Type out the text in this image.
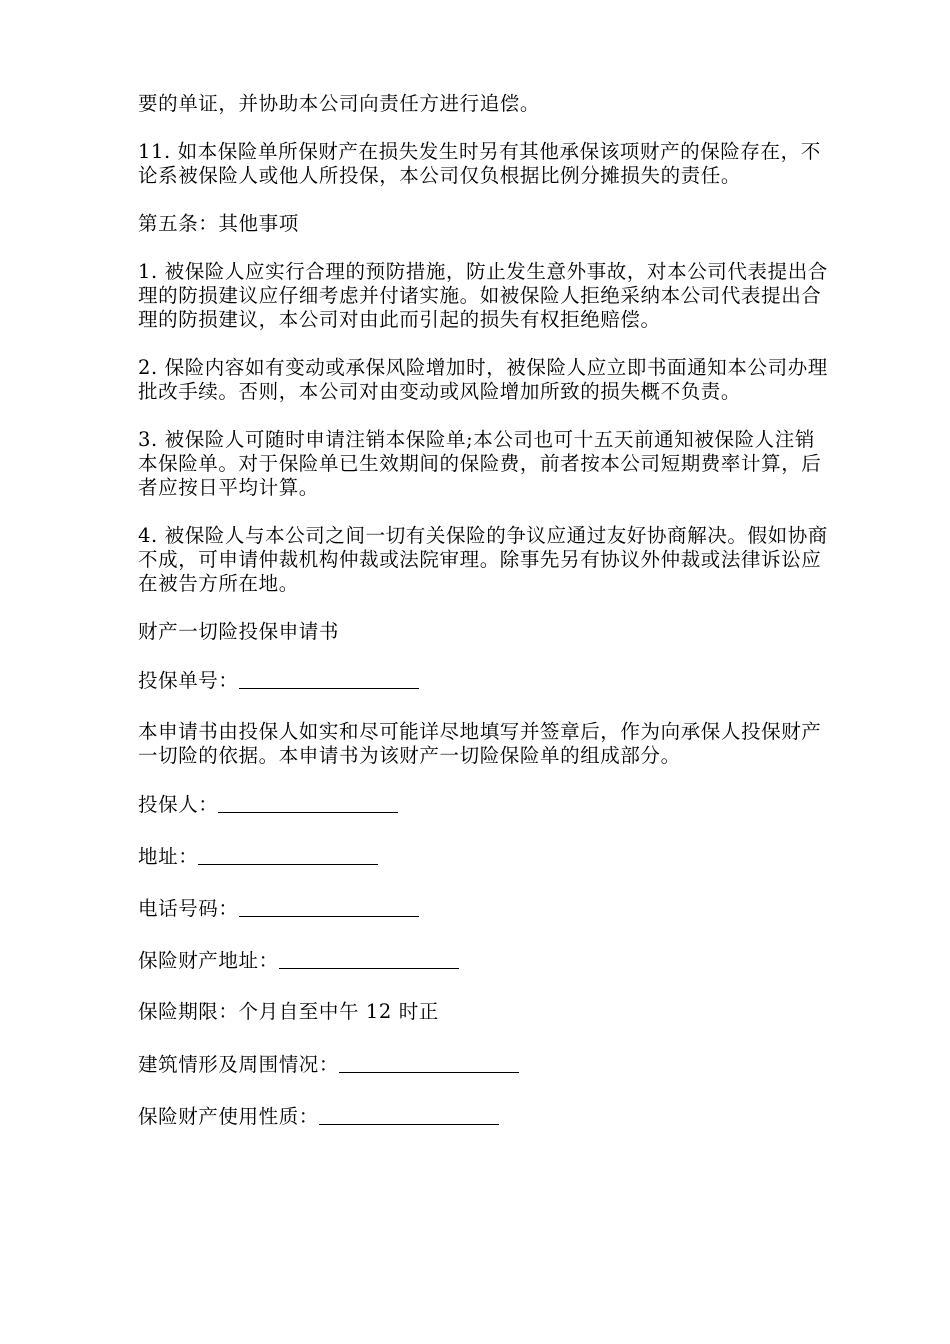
要的单证，并协助本公司向责任方进行追偿。

11. 如本保险单所保财产在损失发生时另有其他承保该项财产的保险存在，不论系被保险人或他人所投保，本公司仅负根据比例分摊损失的责任。

第五条：其他事项

1. 被保险人应实行合理的预防措施，防止发生意外事故，对本公司代表提出合理的防损建议应仔细考虑并付诸实施。如被保险人拒绝采纳本公司代表提出合理的防损建议，本公司对由此而引起的损失有权拒绝赔偿。

2. 保险内容如有变动或承保风险增加时，被保险人应立即书面通知本公司办理批改手续。否则，本公司对由变动或风险增加所致的损失概不负责。

3. 被保险人可随时申请注销本保险单;本公司也可十五天前通知被保险人注销本保险单。对于保险单已生效期间的保险费，前者按本公司短期费率计算，后者应按日平均计算。

4. 被保险人与本公司之间一切有关保险的争议应通过友好协商解决。假如协商不成，可申请仲裁机构仲裁或法院审理。除事先另有协议外仲裁或法律诉讼应在被告方所在地。

财产一切险投保申请书

投保单号：

本申请书由投保人如实和尽可能详尽地填写并签章后，作为向承保人投保财产一切险的依据。本申请书为该财产一切险保险单的组成部分。

投保人：
地址：
电话号码：
保险财产地址：
保险期限：个月自至中午 12 时正
建筑情形及周围情况：
保险财产使用性质：
